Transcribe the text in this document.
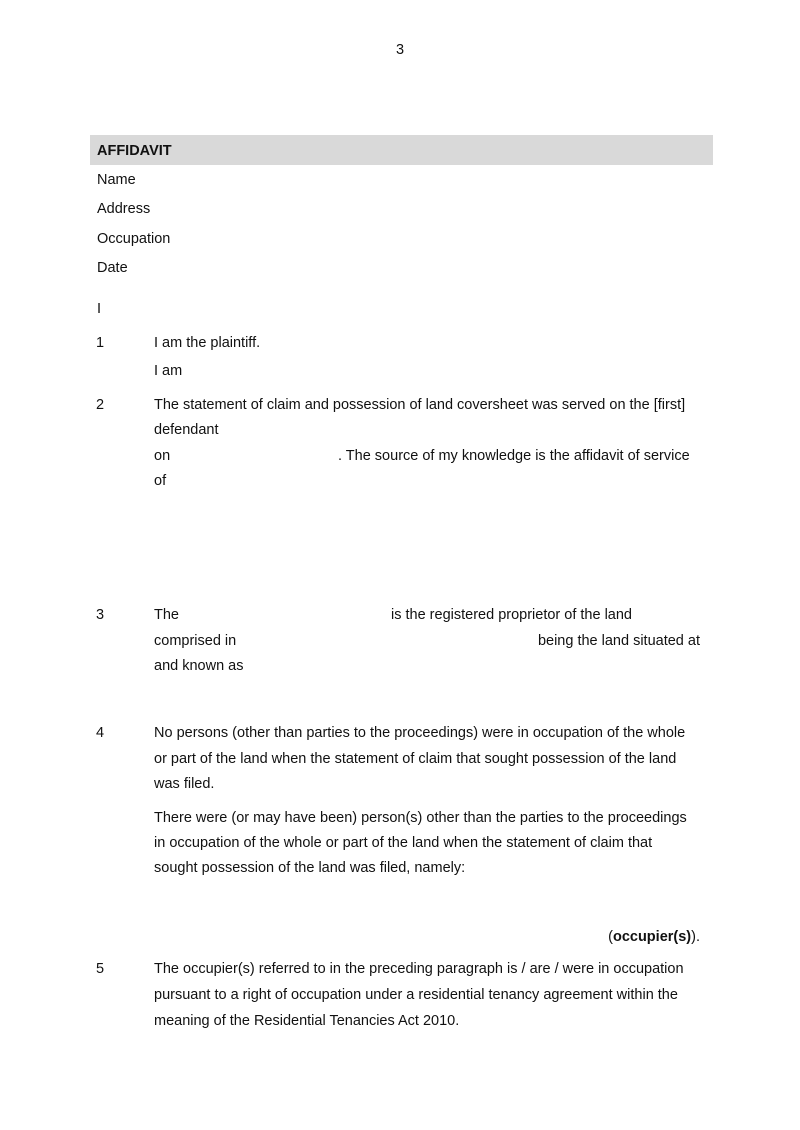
3
AFFIDAVIT
Name
Address
Occupation
Date
I
1	I am the plaintiff.
I am
2	The statement of claim and possession of land coversheet was served on the [first]
defendant
on	. The source of my knowledge is the affidavit of service
of
3	The	is the registered proprietor of the land
comprised in	being the land situated at
and known as
4	No persons (other than parties to the proceedings) were in occupation of the whole
or part of the land when the statement of claim that sought possession of the land
was filed.
There were (or may have been) person(s) other than the parties to the proceedings
in occupation of the whole or part of the land when the statement of claim that
sought possession of the land was filed, namely:
(occupier(s)).
5	The occupier(s) referred to in the preceding paragraph is / are / were in occupation
pursuant to a right of occupation under a residential tenancy agreement within the
meaning of the Residential Tenancies Act 2010.
